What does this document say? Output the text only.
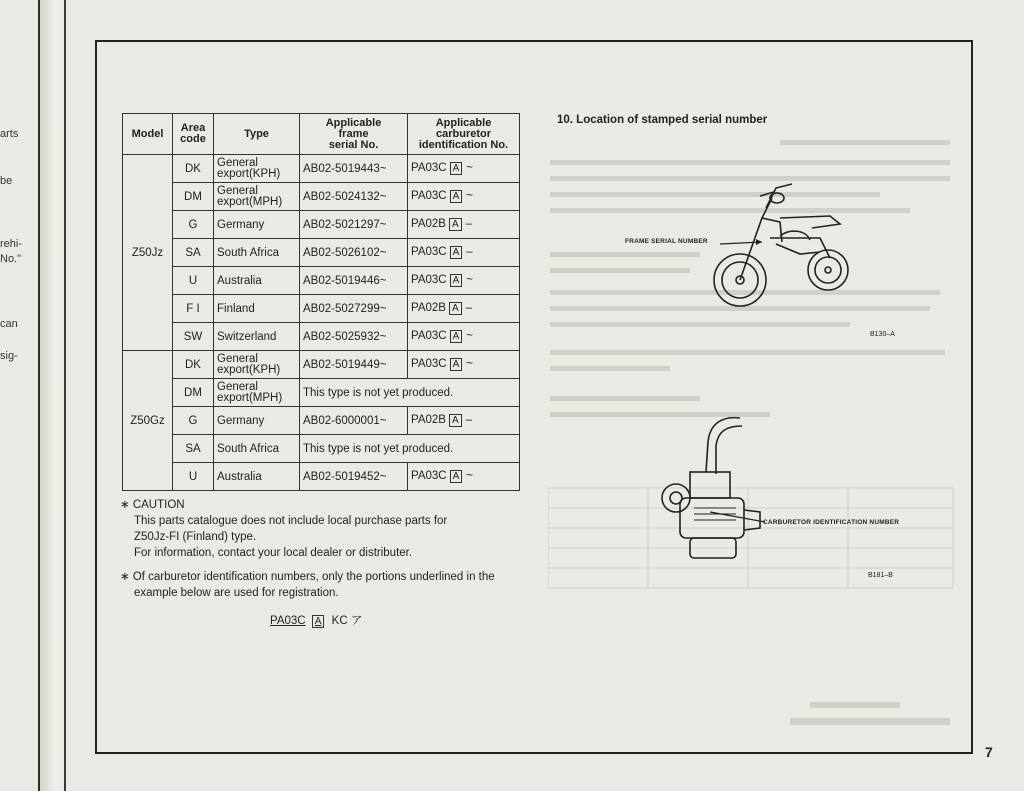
arts
be
rehi-
No."
can
sig-
Model	Area
code	Type	Applicable
frame
serial No.	Applicable
carburetor
identification No.
Z50Jz	DK	General
export(KPH)	AB02-5019443~	PA03C A ~
	DM	General
export(MPH)	AB02-5024132~	PA03C A ~
	G	Germany	AB02-5021297~	PA02B A –
	SA	South Africa	AB02-5026102~	PA03C A –
	U	Australia	AB02-5019446~	PA03C A ~
	F I	Finland	AB02-5027299~	PA02B A –
	SW	Switzerland	AB02-5025932~	PA03C A ~
Z50Gz	DK	General
export(KPH)	AB02-5019449~	PA03C A ~
	DM	General
export(MPH)	This type is not yet produced.	
	G	Germany	AB02-6000001~	PA02B A –
	SA	South Africa	This type is not yet produced.	
	U	Australia	AB02-5019452~	PA03C A ~

∗ CAUTION

This parts catalogue does not include local purchase parts for

Z50Jz-FI (Finland) type.

For information, contact your local dealer or distributer.

∗ Of carburetor identification numbers, only the portions underlined in the

example below are used for registration.

PA03C A KC ア
10. Location of stamped serial number
FRAME SERIAL NUMBER
B130–A
CARBURETOR IDENTIFICATION NUMBER
B181–B
7
